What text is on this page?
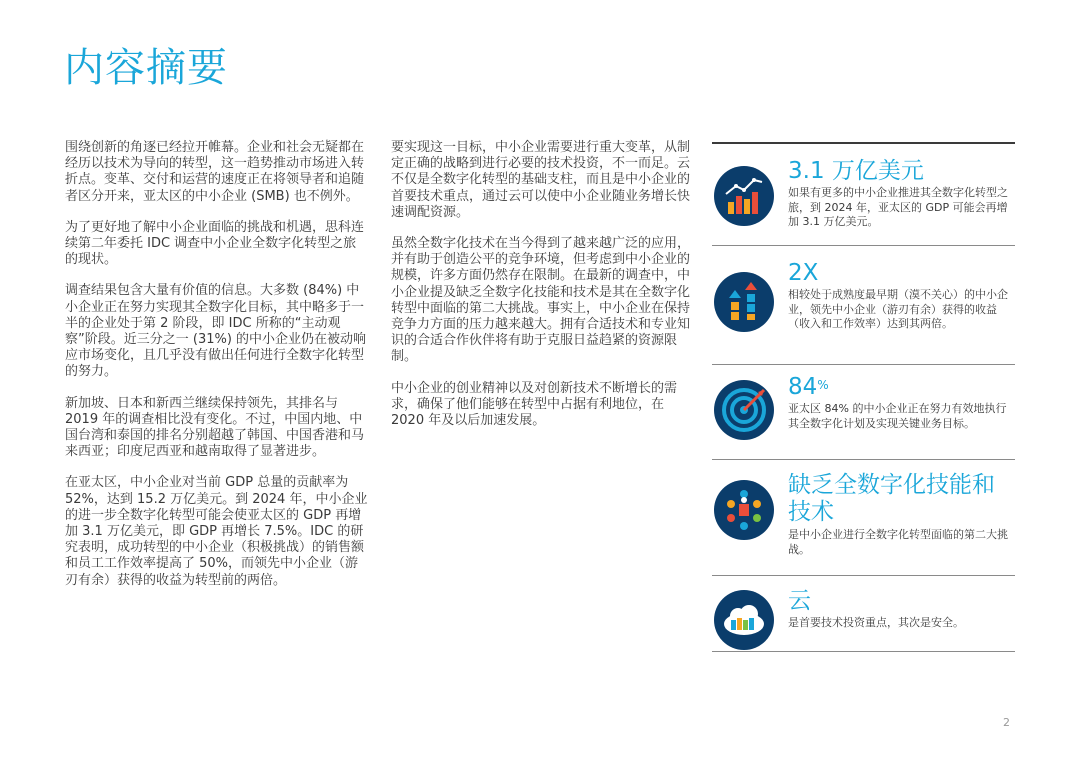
内容摘要

围绕创新的角逐已经拉开帷幕。企业和社会无疑都在经历以技术为导向的转型，这一趋势推动市场进入转折点。变革、交付和运营的速度正在将领导者和追随者区分开来，亚太区的中小企业 (SMB) 也不例外。

为了更好地了解中小企业面临的挑战和机遇，思科连续第二年委托 IDC 调查中小企业全数字化转型之旅的现状。

调查结果包含大量有价值的信息。大多数 (84%) 中小企业正在努力实现其全数字化目标，其中略多于一半的企业处于第 2 阶段，即 IDC 所称的“主动观察”阶段。近三分之一 (31%) 的中小企业仍在被动响应市场变化，且几乎没有做出任何进行全数字化转型的努力。

新加坡、日本和新西兰继续保持领先，其排名与 2019 年的调查相比没有变化。不过，中国内地、中国台湾和泰国的排名分别超越了韩国、中国香港和马来西亚；印度尼西亚和越南取得了显著进步。

在亚太区，中小企业对当前 GDP 总量的贡献率为 52%，达到 15.2 万亿美元。到 2024 年，中小企业的进一步全数字化转型可能会使亚太区的 GDP 再增加 3.1 万亿美元，即 GDP 再增长 7.5%。IDC 的研究表明，成功转型的中小企业（积极挑战）的销售额和员工工作效率提高了 50%，而领先中小企业（游刃有余）获得的收益为转型前的两倍。

要实现这一目标，中小企业需要进行重大变革，从制定正确的战略到进行必要的技术投资，不一而足。云不仅是全数字化转型的基础支柱，而且是中小企业的首要技术重点，通过云可以使中小企业随业务增长快速调配资源。

虽然全数字化技术在当今得到了越来越广泛的应用，并有助于创造公平的竞争环境，但考虑到中小企业的规模，许多方面仍然存在限制。在最新的调查中，中小企业提及缺乏全数字化技能和技术是其在全数字化转型中面临的第二大挑战。事实上，中小企业在保持竞争力方面的压力越来越大。拥有合适技术和专业知识的合适合作伙伴将有助于克服日益趋紧的资源限制。

中小企业的创业精神以及对创新技术不断增长的需求，确保了他们能够在转型中占据有利地位，在 2020 年及以后加速发展。

3.1 万亿美元
如果有更多的中小企业推进其全数字化转型之旅，到 2024 年，亚太区的 GDP 可能会再增加 3.1 万亿美元。
2X
相较处于成熟度最早期（漠不关心）的中小企业，领先中小企业（游刃有余）获得的收益（收入和工作效率）达到其两倍。
84%
亚太区 84% 的中小企业正在努力有效地执行其全数字化计划及实现关键业务目标。
缺乏全数字化技能和技术
是中小企业进行全数字化转型面临的第二大挑战。
云
是首要技术投资重点，其次是安全。
2
